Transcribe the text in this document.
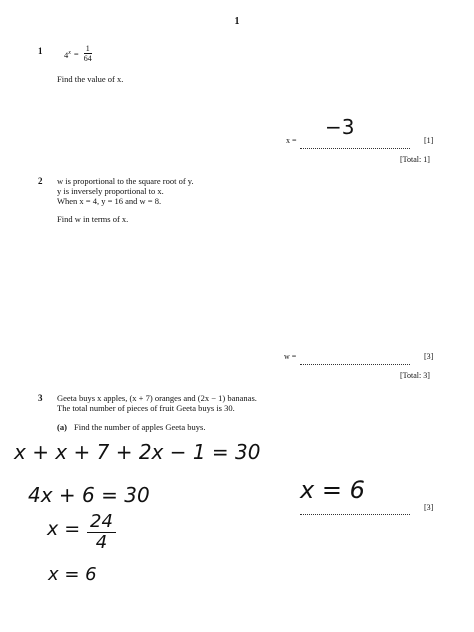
1
1	$4^x = \frac{1}{64}$
Find the value of x.
x =
−3
[1]
[Total: 1]
2 w is proportional to the square root of y.
y is inversely proportional to x.
When x = 4, y = 16 and w = 8.
Find w in terms of x.
w =	[3]
[Total: 3]
3 Geeta buys x apples, (x + 7) oranges and (2x − 1) bananas.
The total number of pieces of fruit Geeta buys is 30.
(a) Find the number of apples Geeta buys.
x + x + 7 + 2x − 1 = 30
4x + 6 = 30
$x = \frac{24}{4}$
x = 6
x = 6
[3]
